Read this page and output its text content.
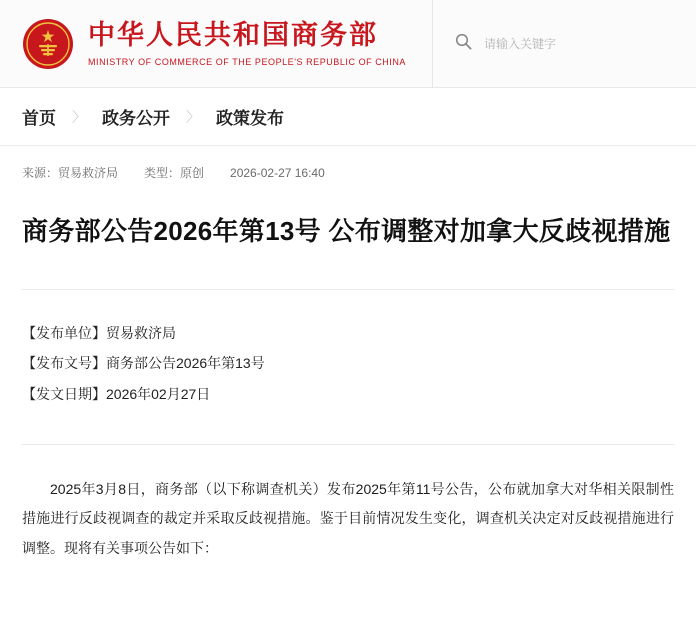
中华人民共和国商务部
MINISTRY OF COMMERCE OF THE PEOPLE'S REPUBLIC OF CHINA
请输入关键字
首页 〉 政务公开 〉 政策发布
来源：贸易救济局 类型：原创 2026-02-27 16:40
商务部公告2026年第13号 公布调整对加拿大反歧视措施
【发布单位】贸易救济局
【发布文号】商务部公告2026年第13号
【发文日期】2026年02月27日

2025年3月8日，商务部（以下称调查机关）发布2025年第11号公告，公布就加拿大对华相关限制性措施进行反歧视调查的裁定并采取反歧视措施。鉴于目前情况发生变化，调查机关决定对反歧视措施进行调整。现将有关事项公告如下：
